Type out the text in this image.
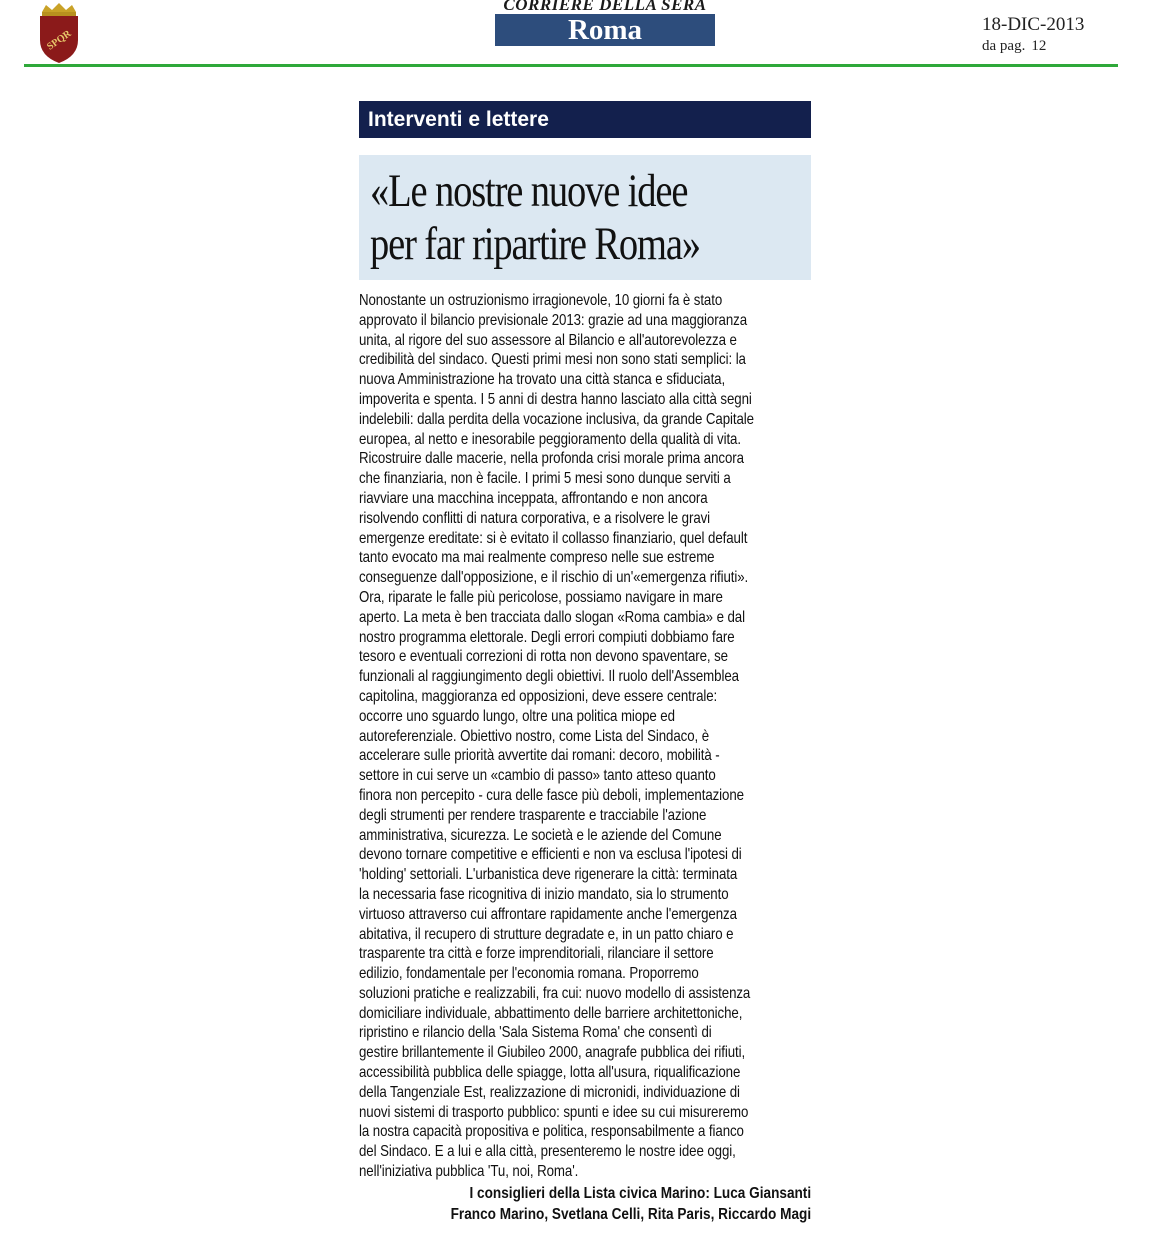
SPQR
CORRIERE DELLA SERA
Roma	18-DIC-2013
da pag. 12
Interventi e lettere
«Le nostre nuove idee
per far ripartire Roma»
Nonostante un ostruzionismo irragionevole, 10 giorni fa è stato
approvato il bilancio previsionale 2013: grazie ad una maggioranza
unita, al rigore del suo assessore al Bilancio e all'autorevolezza e
credibilità del sindaco. Questi primi mesi non sono stati semplici: la
nuova Amministrazione ha trovato una città stanca e sfiduciata,
impoverita e spenta. I 5 anni di destra hanno lasciato alla città segni
indelebili: dalla perdita della vocazione inclusiva, da grande Capitale
europea, al netto e inesorabile peggioramento della qualità di vita.
Ricostruire dalle macerie, nella profonda crisi morale prima ancora
che finanziaria, non è facile. I primi 5 mesi sono dunque serviti a
riavviare una macchina inceppata, affrontando e non ancora
risolvendo conflitti di natura corporativa, e a risolvere le gravi
emergenze ereditate: si è evitato il collasso finanziario, quel default
tanto evocato ma mai realmente compreso nelle sue estreme
conseguenze dall'opposizione, e il rischio di un'«emergenza rifiuti».
Ora, riparate le falle più pericolose, possiamo navigare in mare
aperto. La meta è ben tracciata dallo slogan «Roma cambia» e dal
nostro programma elettorale. Degli errori compiuti dobbiamo fare
tesoro e eventuali correzioni di rotta non devono spaventare, se
funzionali al raggiungimento degli obiettivi. Il ruolo dell'Assemblea
capitolina, maggioranza ed opposizioni, deve essere centrale:
occorre uno sguardo lungo, oltre una politica miope ed
autoreferenziale. Obiettivo nostro, come Lista del Sindaco, è
accelerare sulle priorità avvertite dai romani: decoro, mobilità -
settore in cui serve un «cambio di passo» tanto atteso quanto
finora non percepito - cura delle fasce più deboli, implementazione
degli strumenti per rendere trasparente e tracciabile l'azione
amministrativa, sicurezza. Le società e le aziende del Comune
devono tornare competitive e efficienti e non va esclusa l'ipotesi di
'holding' settoriali. L'urbanistica deve rigenerare la città: terminata
la necessaria fase ricognitiva di inizio mandato, sia lo strumento
virtuoso attraverso cui affrontare rapidamente anche l'emergenza
abitativa, il recupero di strutture degradate e, in un patto chiaro e
trasparente tra città e forze imprenditoriali, rilanciare il settore
edilizio, fondamentale per l'economia romana. Proporremo
soluzioni pratiche e realizzabili, fra cui: nuovo modello di assistenza
domiciliare individuale, abbattimento delle barriere architettoniche,
ripristino e rilancio della 'Sala Sistema Roma' che consentì di
gestire brillantemente il Giubileo 2000, anagrafe pubblica dei rifiuti,
accessibilità pubblica delle spiagge, lotta all'usura, riqualificazione
della Tangenziale Est, realizzazione di micronidi, individuazione di
nuovi sistemi di trasporto pubblico: spunti e idee su cui misureremo
la nostra capacità propositiva e politica, responsabilmente a fianco
del Sindaco. E a lui e alla città, presenteremo le nostre idee oggi,
nell'iniziativa pubblica 'Tu, noi, Roma'.
I consiglieri della Lista civica Marino: Luca Giansanti
Franco Marino, Svetlana Celli, Rita Paris, Riccardo Magi
